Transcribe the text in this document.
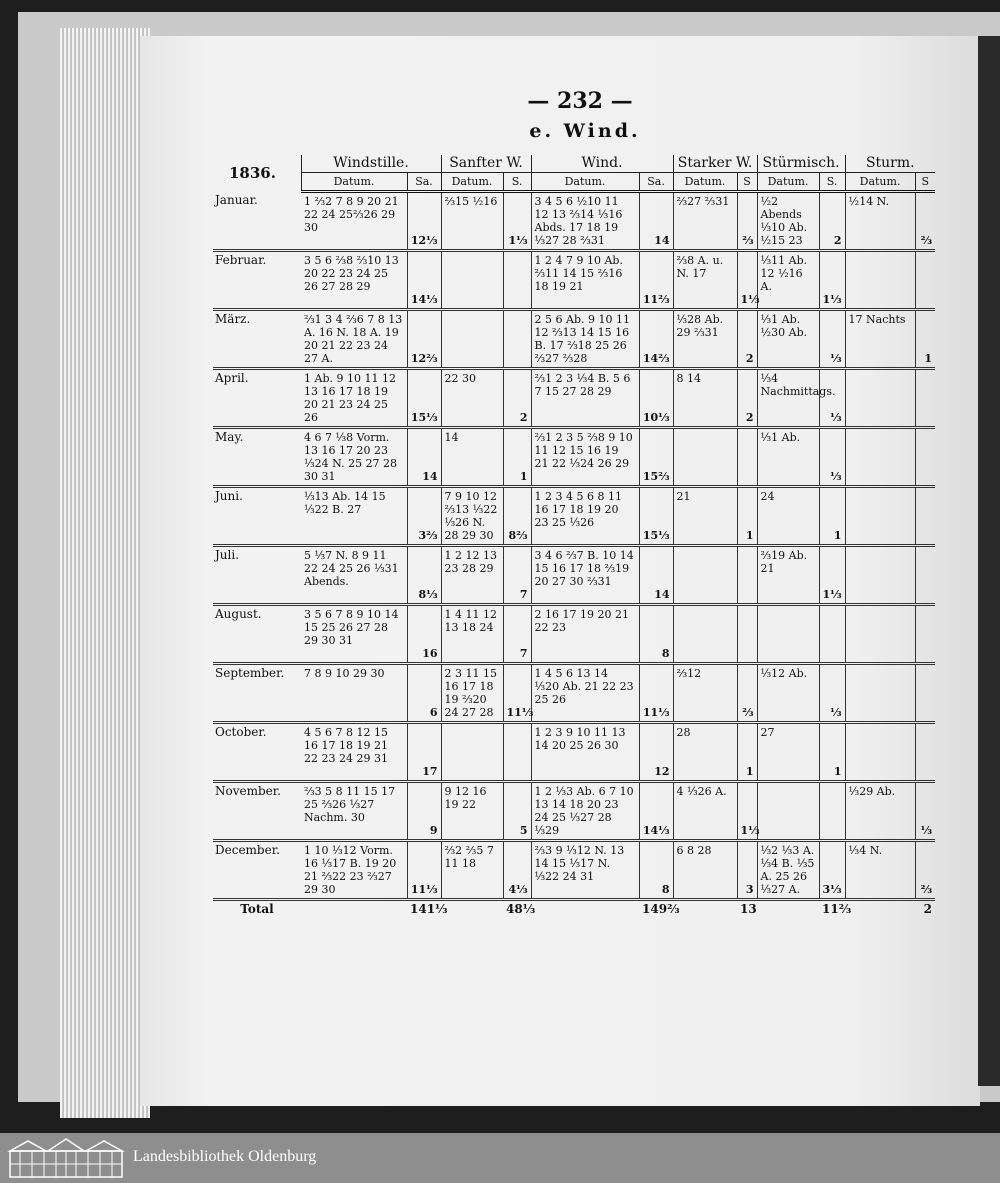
— 232 —
e. Wind.
1836.	Windstille.		Sanfter W.		Wind.		Starker W.		Stürmisch.		Sturm.	
	Datum.	Sa.	Datum.	S.	Datum.	Sa.	Datum.	S	Datum.	S.	Datum.	S
Januar.	1 ⅔2 7 8 9 20 21 22 24 25⅔26 29 30	12⅓	⅔15 ½16	1⅓	3 4 5 6 ½10 11 12 13 ⅔14 ⅓16 Abds. 17 18 19 ⅓27 28 ⅔31	14	⅔27 ⅔31	⅔	½2 Abends ⅓10 Ab. ½15 23	2	½14 N.	⅔
Februar.	3 5 6 ⅔8 ⅔10 13 20 22 23 24 25 26 27 28 29	14⅓			1 2 4 7 9 10 Ab. ⅔11 14 15 ⅔16 18 19 21	11⅔	⅔8 A. u. N. 17	1⅓	⅓11 Ab. 12 ½16 A.	1⅓		
März.	⅔1 3 4 ⅔6 7 8 13 A. 16 N. 18 A. 19 20 21 22 23 24 27 A.	12⅔			2 5 6 Ab. 9 10 11 12 ⅔13 14 15 16 B. 17 ⅔18 25 26 ⅔27 ⅔28	14⅔	⅓28 Ab. 29 ⅔31	2	⅓1 Ab. ½30 Ab.	⅓	17 Nachts	1
April.	1 Ab. 9 10 11 12 13 16 17 18 19 20 21 23 24 25 26	15⅓	22 30	2	⅔1 2 3 ⅓4 B. 5 6 7 15 27 28 29	10⅓	8 14	2	⅓4 Nachmittags.	⅓		
May.	4 6 7 ⅓8 Vorm. 13 16 17 20 23 ⅓24 N. 25 27 28 30 31	14	14	1	⅔1 2 3 5 ⅔8 9 10 11 12 15 16 19 21 22 ⅓24 26 29	15⅔			⅓1 Ab.	⅓		
Juni.	⅓13 Ab. 14 15 ⅓22 B. 27	3⅔	7 9 10 12 ⅔13 ⅓22 ⅓26 N. 28 29 30	8⅔	1 2 3 4 5 6 8 11 16 17 18 19 20 23 25 ⅓26	15⅓	21	1	24	1		
Juli.	5 ⅓7 N. 8 9 11 22 24 25 26 ⅓31 Abends.	8⅓	1 2 12 13 23 28 29	7	3 4 6 ⅔7 B. 10 14 15 16 17 18 ⅔19 20 27 30 ⅔31	14			⅔19 Ab. 21	1⅓		
August.	3 5 6 7 8 9 10 14 15 25 26 27 28 29 30 31	16	1 4 11 12 13 18 24	7	2 16 17 19 20 21 22 23	8						
September.	7 8 9 10 29 30	6	2 3 11 15 16 17 18 19 ⅔20 24 27 28	11⅓	1 4 5 6 13 14 ⅓20 Ab. 21 22 23 25 26	11⅓	⅔12	⅔	⅓12 Ab.	⅓		
October.	4 5 6 7 8 12 15 16 17 18 19 21 22 23 24 29 31	17			1 2 3 9 10 11 13 14 20 25 26 30	12	28	1	27	1		
November.	⅔3 5 8 11 15 17 25 ⅔26 ⅓27 Nachm. 30	9	9 12 16 19 22	5	1 2 ⅓3 Ab. 6 7 10 13 14 18 20 23 24 25 ⅓27 28 ⅓29	14⅓	4 ⅓26 A.	1⅓			⅓29 Ab.	⅓
December.	1 10 ⅓12 Vorm. 16 ⅓17 B. 19 20 21 ⅔22 23 ⅔27 29 30	11⅓	⅔2 ⅔5 7 11 18	4⅓	⅔3 9 ⅓12 N. 13 14 15 ⅓17 N. ⅓22 24 31	8	6 8 28	3	⅓2 ⅓3 A. ⅓4 B. ⅓5 A. 25 26 ⅓27 A.	3⅓	⅓4 N.	⅔
Total		141⅓		48⅓		149⅔		13		11⅔		2
Landesbibliothek Oldenburg
